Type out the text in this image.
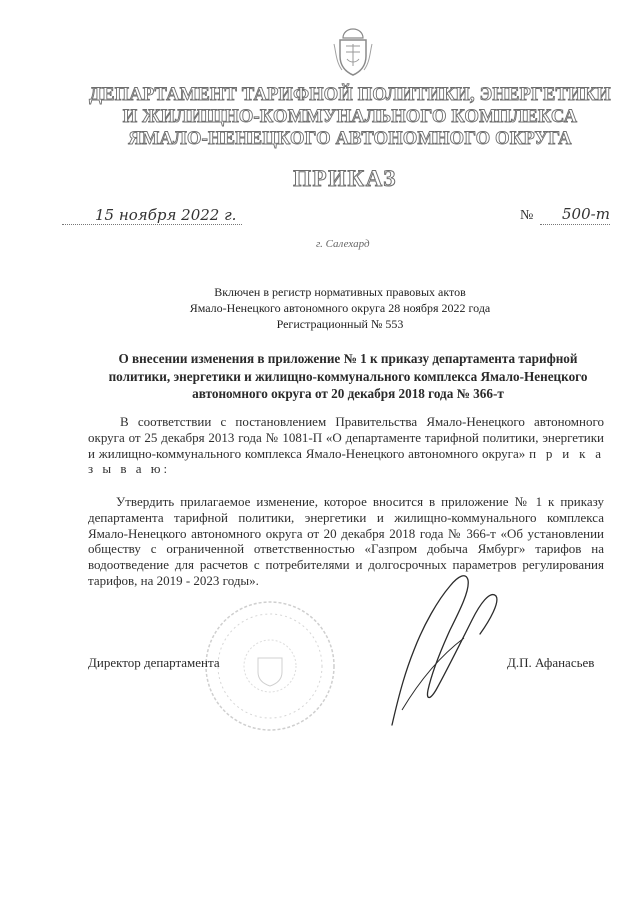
ДЕПАРТАМЕНТ ТАРИФНОЙ ПОЛИТИКИ, ЭНЕРГЕТИКИ
И ЖИЛИЩНО-КОММУНАЛЬНОГО КОМПЛЕКСА
ЯМАЛО-НЕНЕЦКОГО АВТОНОМНОГО ОКРУГА
ПРИКАЗ
15 ноября 2022 г.	№ 500-т
г. Салехард
Включен в регистр нормативных правовых актов
Ямало-Ненецкого автономного округа 28 ноября 2022 года
Регистрационный № 553
О внесении изменения в приложение № 1 к приказу департамента тарифной политики, энергетики и жилищно-коммунального комплекса Ямало-Ненецкого автономного округа от 20 декабря 2018 года № 366-т
В соответствии с постановлением Правительства Ямало-Ненецкого автономного округа от 25 декабря 2013 года № 1081-П «О департаменте тарифной политики, энергетики и жилищно-коммунального комплекса Ямало-Ненецкого автономного округа» п р и к а з ы в а ю:
Утвердить прилагаемое изменение, которое вносится в приложение № 1 к приказу департамента тарифной политики, энергетики и жилищно-коммунального комплекса Ямало-Ненецкого автономного округа от 20 декабря 2018 года № 366-т «Об установлении обществу с ограниченной ответственностью «Газпром добыча Ямбург» тарифов на водоотведение для расчетов с потребителями и долгосрочных параметров регулирования тарифов, на 2019 - 2023 годы».
Директор департамента	Д.П. Афанасьев
